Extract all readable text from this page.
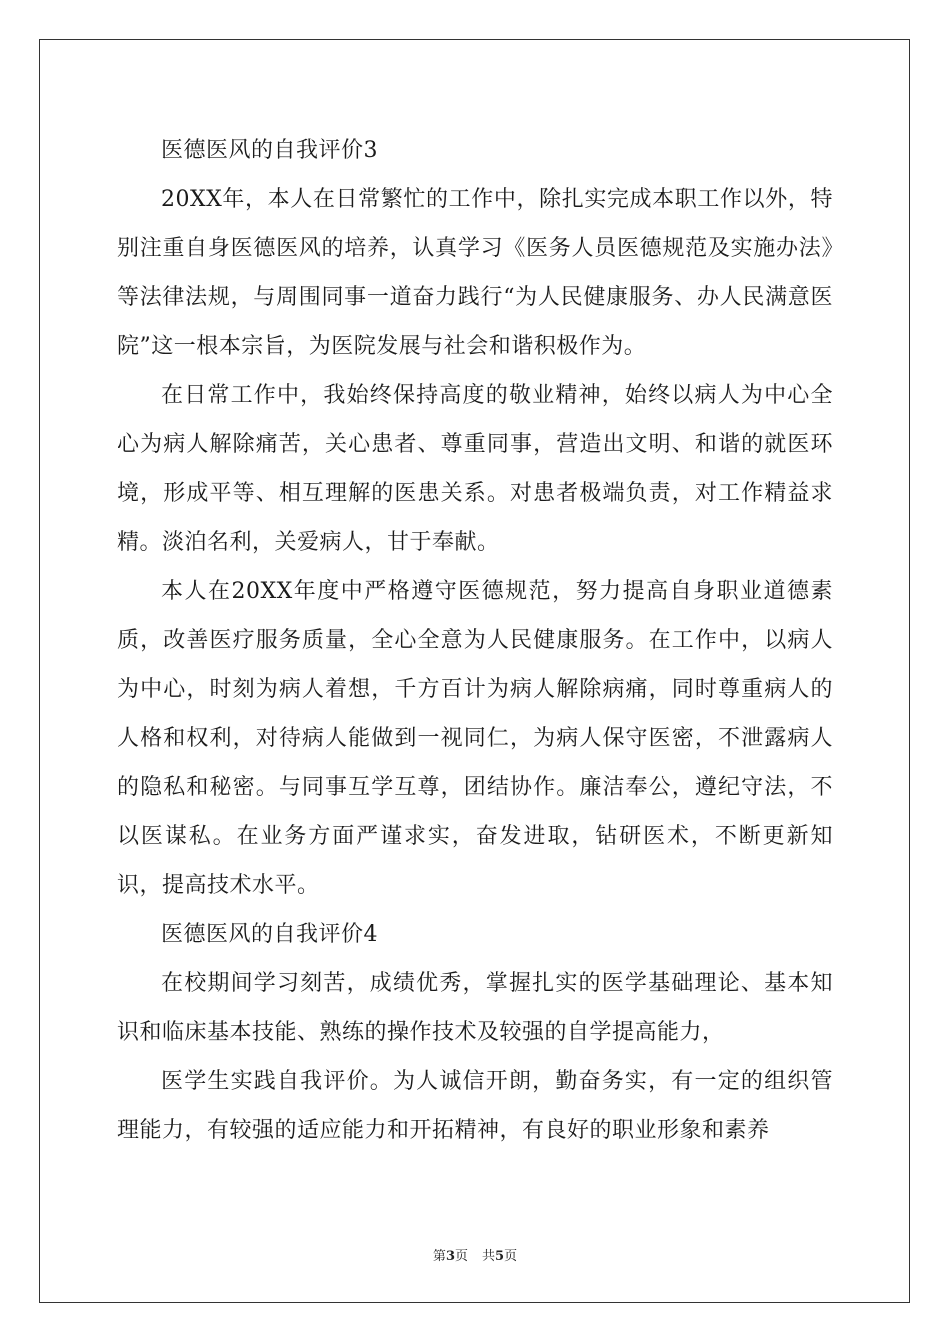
医德医风的自我评价3

20XX年，本人在日常繁忙的工作中，除扎实完成本职工作以外，特别注重自身医德医风的培养，认真学习《医务人员医德规范及实施办法》等法律法规，与周围同事一道奋力践行“为人民健康服务、办人民满意医院”这一根本宗旨，为医院发展与社会和谐积极作为。

在日常工作中，我始终保持高度的敬业精神，始终以病人为中心全心为病人解除痛苦，关心患者、尊重同事，营造出文明、和谐的就医环境，形成平等、相互理解的医患关系。对患者极端负责，对工作精益求精。淡泊名利，关爱病人，甘于奉献。

本人在20XX年度中严格遵守医德规范，努力提高自身职业道德素质，改善医疗服务质量，全心全意为人民健康服务。在工作中，以病人为中心，时刻为病人着想，千方百计为病人解除病痛，同时尊重病人的人格和权利，对待病人能做到一视同仁，为病人保守医密，不泄露病人的隐私和秘密。与同事互学互尊，团结协作。廉洁奉公，遵纪守法，不以医谋私。在业务方面严谨求实，奋发进取，钻研医术，不断更新知识，提高技术水平。

医德医风的自我评价4

在校期间学习刻苦，成绩优秀，掌握扎实的医学基础理论、基本知识和临床基本技能、熟练的操作技术及较强的自学提高能力，

医学生实践自我评价。为人诚信开朗，勤奋务实，有一定的组织管理能力，有较强的适应能力和开拓精神，有良好的职业形象和素养

第3页 共5页
